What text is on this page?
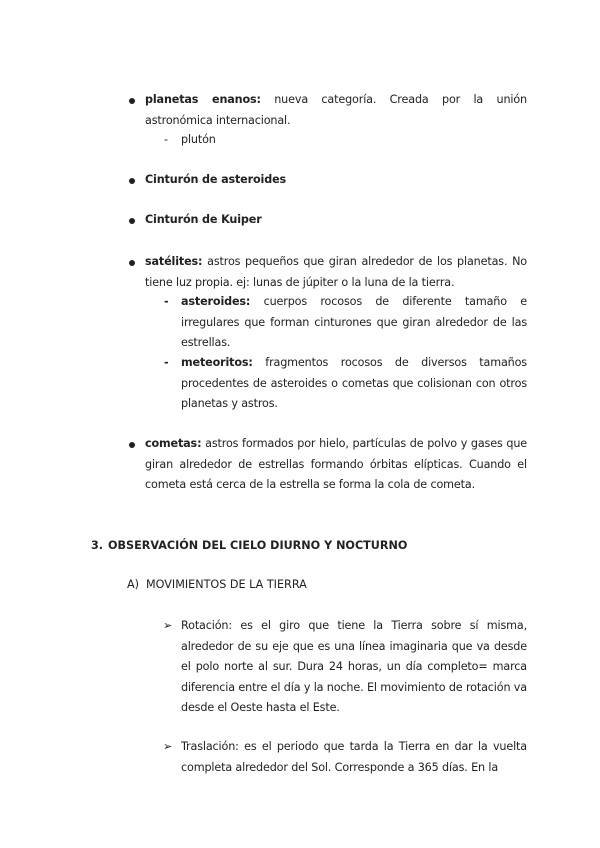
planetas enanos: nueva categoría. Creada por la unión astronómica internacional.
- plutón
Cinturón de asteroides
Cinturón de Kuiper
satélites: astros pequeños que giran alrededor de los planetas. No tiene luz propia. ej: lunas de júpiter o la luna de la tierra.
- asteroides: cuerpos rocosos de diferente tamaño e irregulares que forman cinturones que giran alrededor de las estrellas.
- meteoritos: fragmentos rocosos de diversos tamaños procedentes de asteroides o cometas que colisionan con otros planetas y astros.
cometas: astros formados por hielo, partículas de polvo y gases que giran alrededor de estrellas formando órbitas elípticas. Cuando el cometa está cerca de la estrella se forma la cola de cometa.
3. OBSERVACIÓN DEL CIELO DIURNO Y NOCTURNO
A) MOVIMIENTOS DE LA TIERRA
➢ Rotación: es el giro que tiene la Tierra sobre sí misma, alrededor de su eje que es una línea imaginaria que va desde el polo norte al sur. Dura 24 horas, un día completo= marca diferencia entre el día y la noche. El movimiento de rotación va desde el Oeste hasta el Este.
➢ Traslación: es el periodo que tarda la Tierra en dar la vuelta completa alrededor del Sol. Corresponde a 365 días. En la
